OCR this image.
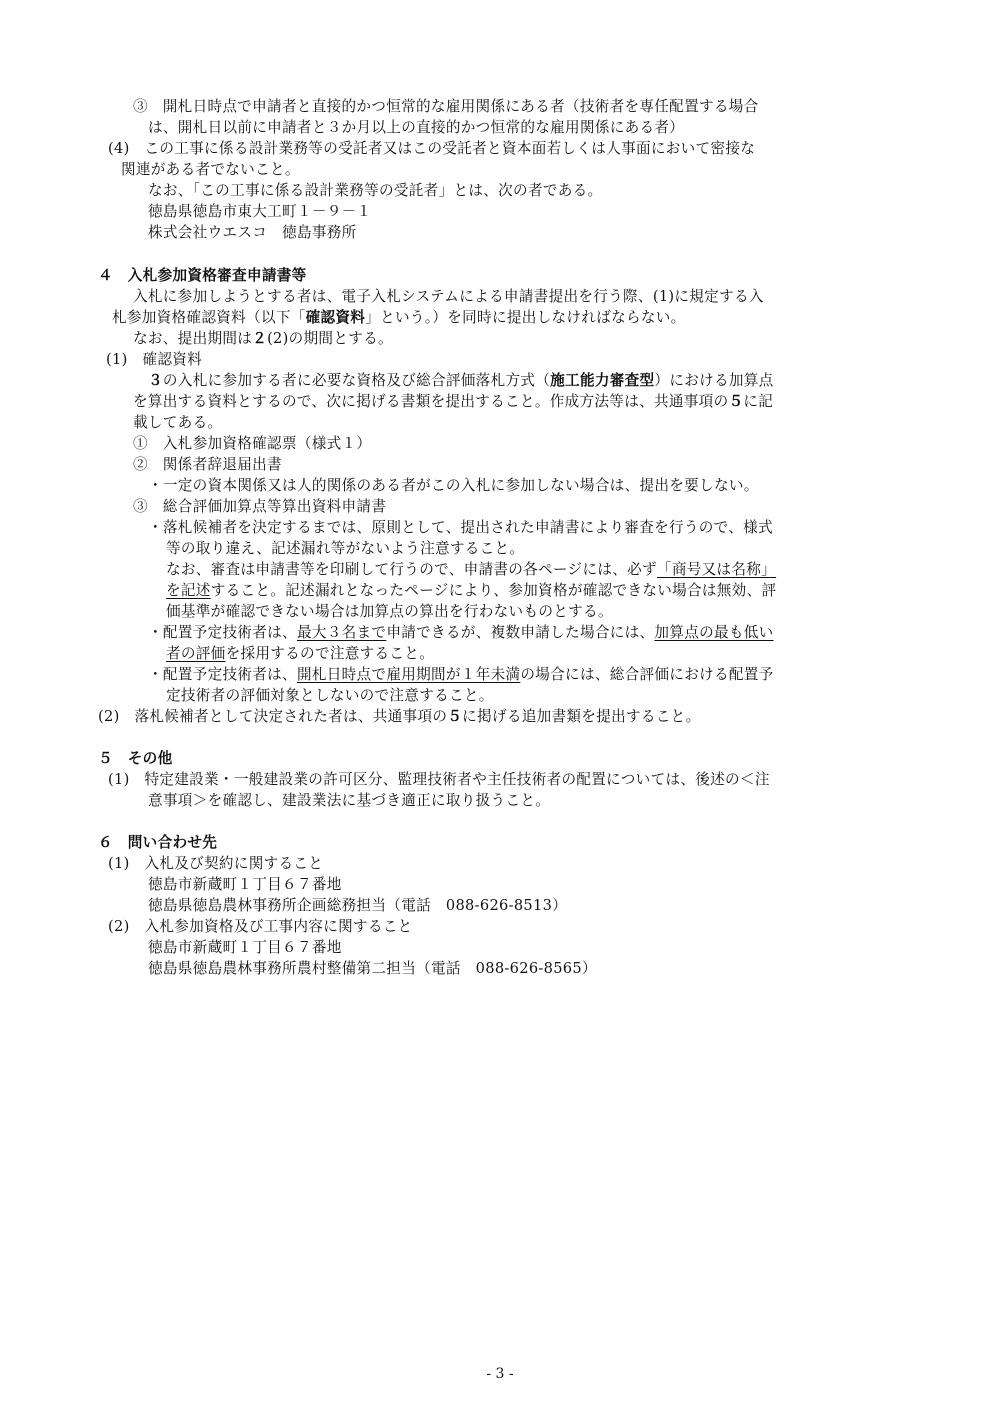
③　開札日時点で申請者と直接的かつ恒常的な雇用関係にある者（技術者を専任配置する場合
は、開札日以前に申請者と３か月以上の直接的かつ恒常的な雇用関係にある者）
(4)　この工事に係る設計業務等の受託者又はこの受託者と資本面若しくは人事面において密接な
関連がある者でないこと。
なお、「この工事に係る設計業務等の受託者」とは、次の者である。
徳島県徳島市東大工町１－９－１
株式会社ウエスコ　徳島事務所
４　入札参加資格審査申請書等
入札に参加しようとする者は、電子入札システムによる申請書提出を行う際、(1)に規定する入
札参加資格確認資料（以下「確認資料」という。）を同時に提出しなければならない。
なお、提出期間は２(2)の期間とする。
(1)　確認資料
３の入札に参加する者に必要な資格及び総合評価落札方式（施工能力審査型）における加算点
を算出する資料とするので、次に掲げる書類を提出すること。作成方法等は、共通事項の５に記
載してある。
①　入札参加資格確認票（様式１）
②　関係者辞退届出書
・一定の資本関係又は人的関係のある者がこの入札に参加しない場合は、提出を要しない。
③　総合評価加算点等算出資料申請書
・落札候補者を決定するまでは、原則として、提出された申請書により審査を行うので、様式
等の取り違え、記述漏れ等がないよう注意すること。
なお、審査は申請書等を印刷して行うので、申請書の各ページには、必ず「商号又は名称」
を記述すること。記述漏れとなったページにより、参加資格が確認できない場合は無効、評
価基準が確認できない場合は加算点の算出を行わないものとする。
・配置予定技術者は、最大３名まで申請できるが、複数申請した場合には、加算点の最も低い
者の評価を採用するので注意すること。
・配置予定技術者は、開札日時点で雇用期間が１年未満の場合には、総合評価における配置予
定技術者の評価対象としないので注意すること。
(2)　落札候補者として決定された者は、共通事項の５に掲げる追加書類を提出すること。
５　その他
(1)　特定建設業・一般建設業の許可区分、監理技術者や主任技術者の配置については、後述の＜注
意事項＞を確認し、建設業法に基づき適正に取り扱うこと。
６　問い合わせ先
(1)　入札及び契約に関すること
徳島市新蔵町１丁目６７番地
徳島県徳島農林事務所企画総務担当（電話　088-626-8513）
(2)　入札参加資格及び工事内容に関すること
徳島市新蔵町１丁目６７番地
徳島県徳島農林事務所農村整備第二担当（電話　088-626-8565）
- 3 -
